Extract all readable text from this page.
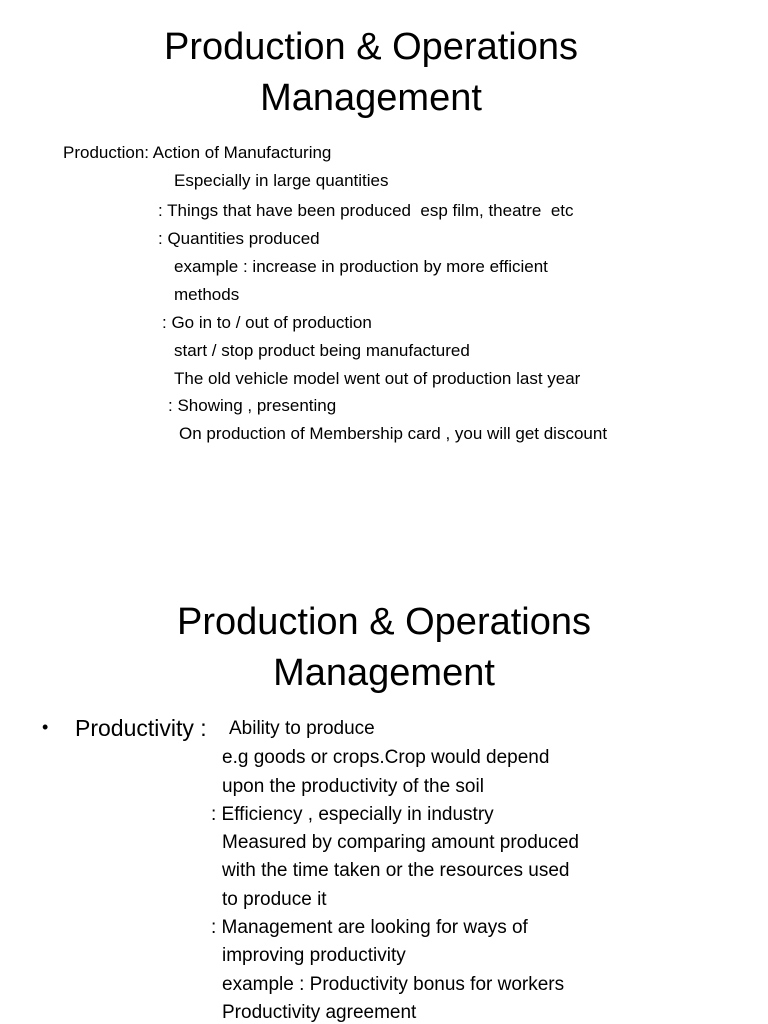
Production & Operations
Management
Production: Action of Manufacturing
Especially in large quantities
: Things that have been produced  esp film, theatre  etc
: Quantities produced
example : increase in production by more efficient
methods
: Go in to / out of production
start / stop product being manufactured
The old vehicle model went out of production last year
: Showing , presenting
On production of Membership card , you will get discount
Production & Operations
Management
• Productivity : Ability to produce
e.g goods or crops.Crop would depend
upon the productivity of the soil
: Efficiency , especially in industry
Measured by comparing amount produced
with the time taken or the resources used
to produce it
: Management are looking for ways of
improving productivity
example : Productivity bonus for workers
Productivity agreement
